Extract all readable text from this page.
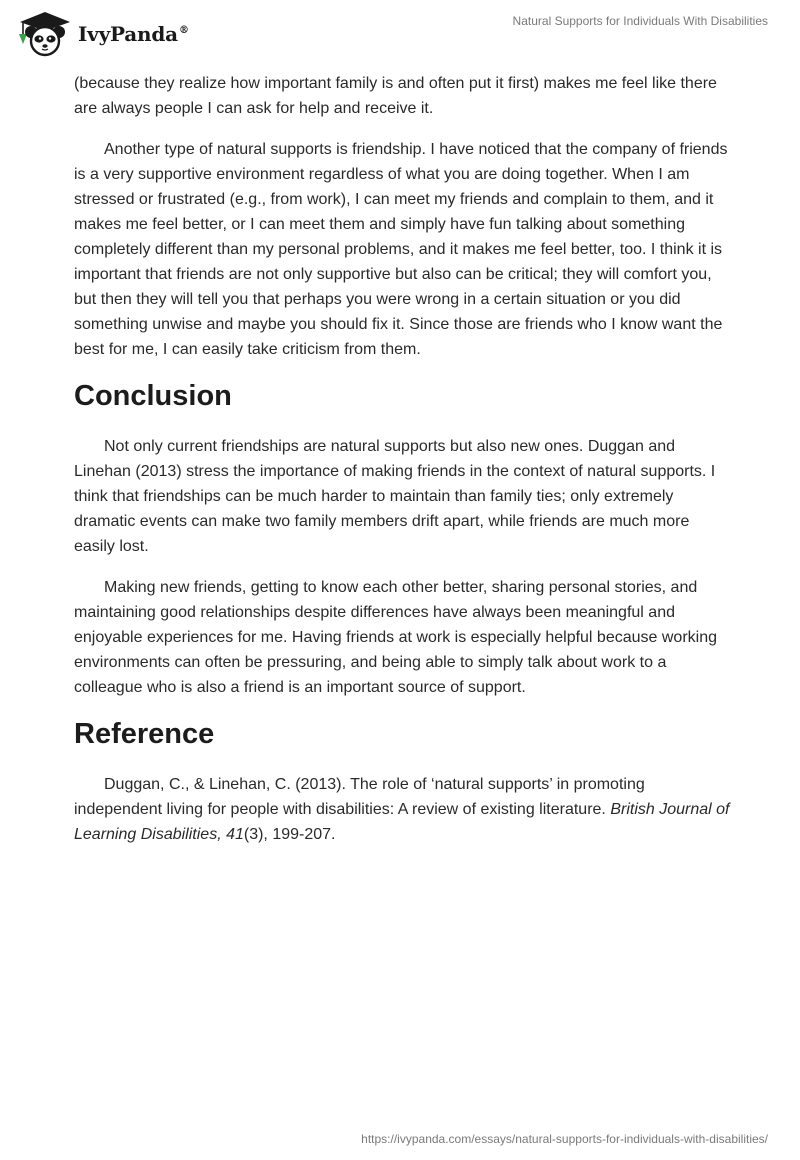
IvyPanda®
Natural Supports for Individuals With Disabilities

(because they realize how important family is and often put it first) makes me feel like there are always people I can ask for help and receive it.

Another type of natural supports is friendship. I have noticed that the company of friends is a very supportive environment regardless of what you are doing together. When I am stressed or frustrated (e.g., from work), I can meet my friends and complain to them, and it makes me feel better, or I can meet them and simply have fun talking about something completely different than my personal problems, and it makes me feel better, too. I think it is important that friends are not only supportive but also can be critical; they will comfort you, but then they will tell you that perhaps you were wrong in a certain situation or you did something unwise and maybe you should fix it. Since those are friends who I know want the best for me, I can easily take criticism from them.

Conclusion

Not only current friendships are natural supports but also new ones. Duggan and Linehan (2013) stress the importance of making friends in the context of natural supports. I think that friendships can be much harder to maintain than family ties; only extremely dramatic events can make two family members drift apart, while friends are much more easily lost.

Making new friends, getting to know each other better, sharing personal stories, and maintaining good relationships despite differences have always been meaningful and enjoyable experiences for me. Having friends at work is especially helpful because working environments can often be pressuring, and being able to simply talk about work to a colleague who is also a friend is an important source of support.

Reference

Duggan, C., & Linehan, C. (2013). The role of ‘natural supports’ in promoting independent living for people with disabilities: A review of existing literature. British Journal of Learning Disabilities, 41(3), 199-207.

https://ivypanda.com/essays/natural-supports-for-individuals-with-disabilities/
